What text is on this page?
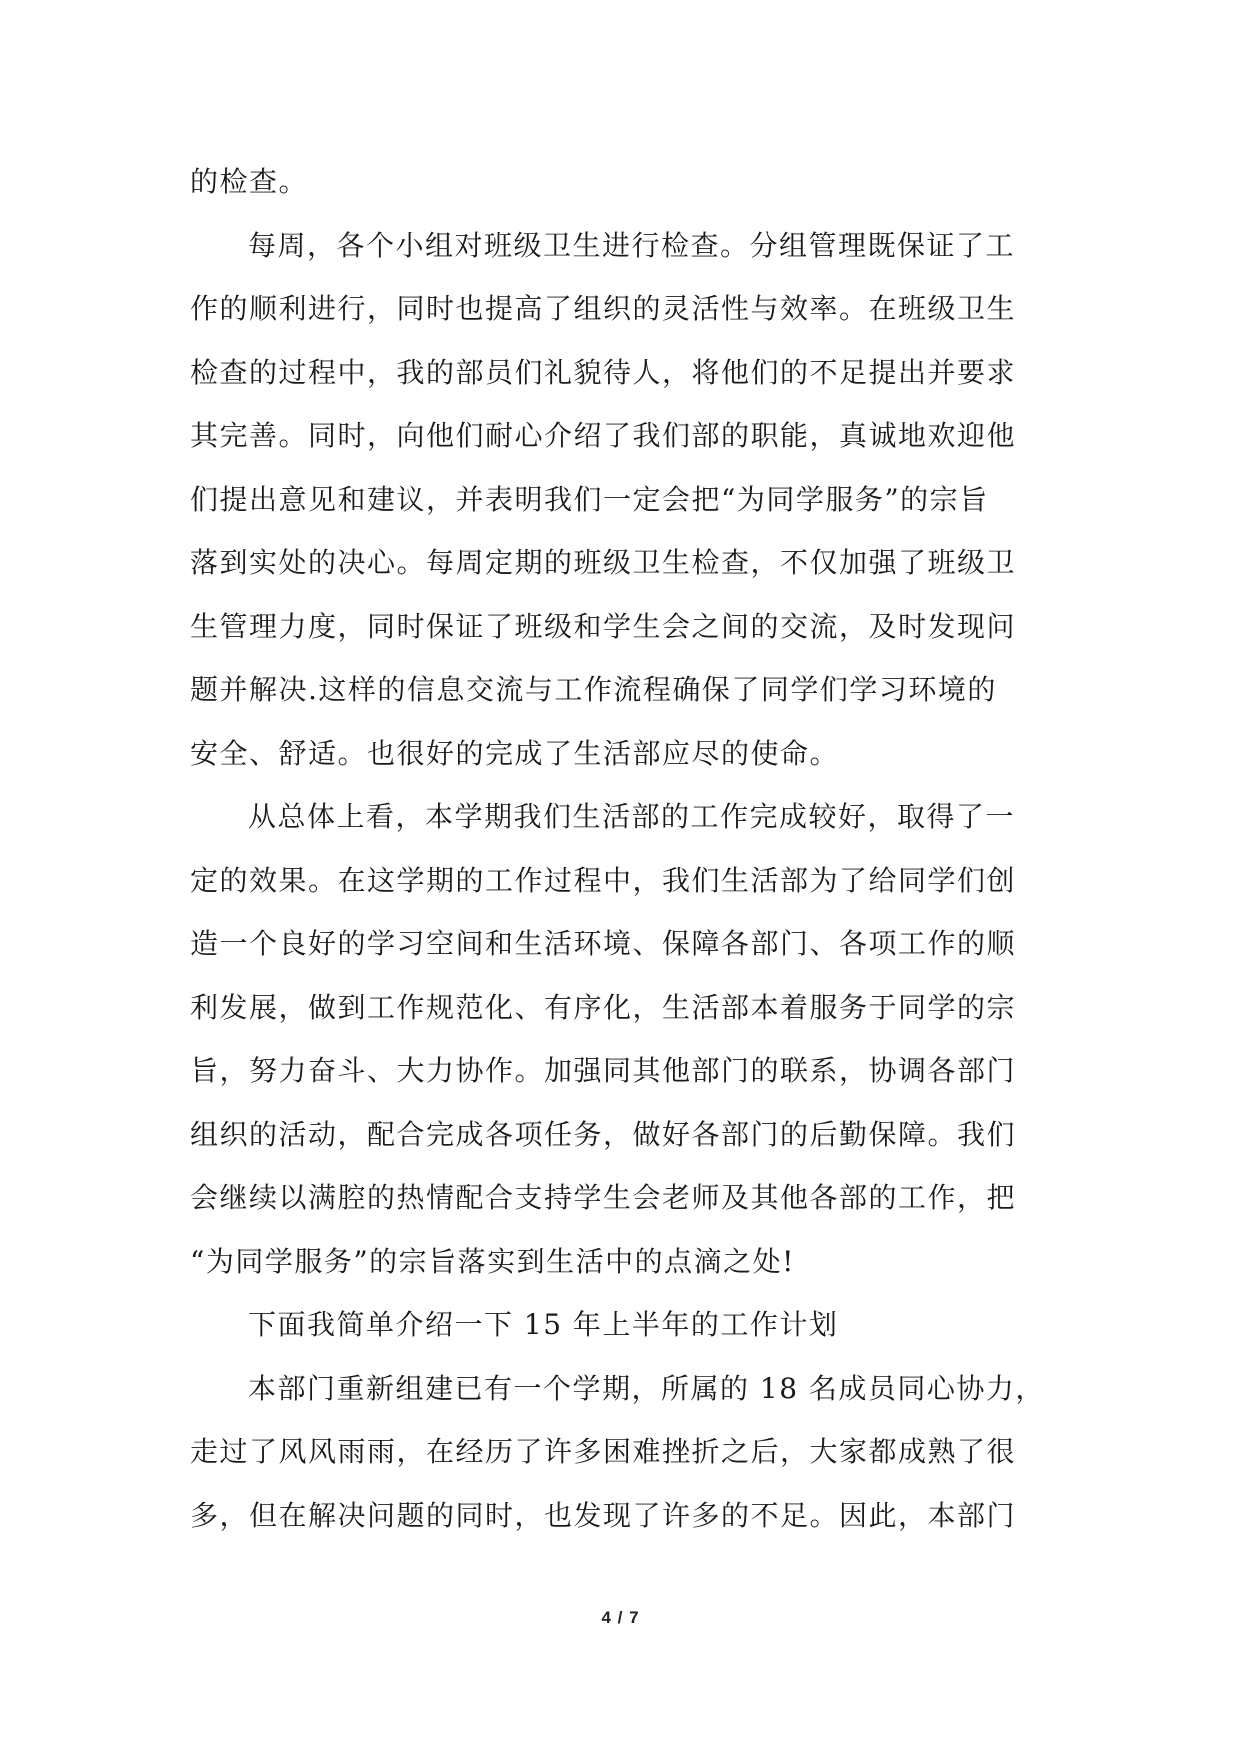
的检查。

每周，各个小组对班级卫生进行检查。分组管理既保证了工
作的顺利进行，同时也提高了组织的灵活性与效率。在班级卫生
检查的过程中，我的部员们礼貌待人，将他们的不足提出并要求
其完善。同时，向他们耐心介绍了我们部的职能，真诚地欢迎他
们提出意见和建议，并表明我们一定会把“为同学服务”的宗旨
落到实处的决心。每周定期的班级卫生检查，不仅加强了班级卫
生管理力度，同时保证了班级和学生会之间的交流，及时发现问
题并解决.这样的信息交流与工作流程确保了同学们学习环境的
安全、舒适。也很好的完成了生活部应尽的使命。

从总体上看，本学期我们生活部的工作完成较好，取得了一
定的效果。在这学期的工作过程中，我们生活部为了给同学们创
造一个良好的学习空间和生活环境、保障各部门、各项工作的顺
利发展，做到工作规范化、有序化，生活部本着服务于同学的宗
旨，努力奋斗、大力协作。加强同其他部门的联系，协调各部门
组织的活动，配合完成各项任务，做好各部门的后勤保障。我们
会继续以满腔的热情配合支持学生会老师及其他各部的工作，把
“为同学服务”的宗旨落实到生活中的点滴之处!

下面我简单介绍一下 15 年上半年的工作计划

本部门重新组建已有一个学期，所属的 18 名成员同心协力，
走过了风风雨雨，在经历了许多困难挫折之后，大家都成熟了很
多，但在解决问题的同时，也发现了许多的不足。因此，本部门

4 / 7
